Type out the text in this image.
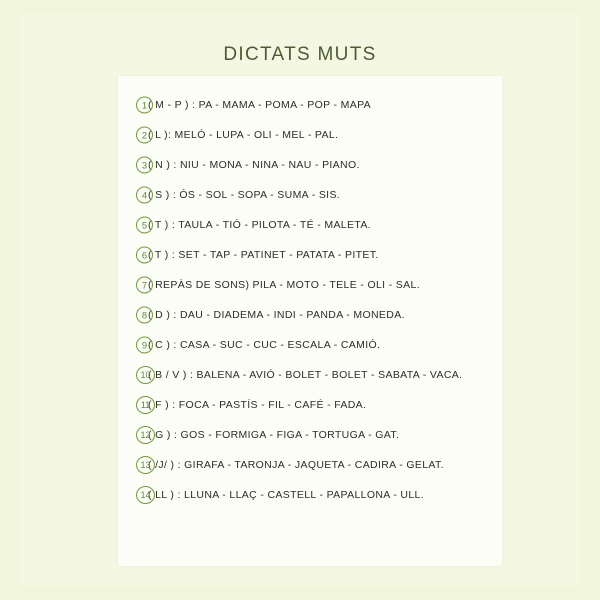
DICTATS MUTS
1 ( M - P ) : PA - MAMA - POMA - POP - MAPA
2 ( L ): MELÓ - LUPA - OLI - MEL - PAL.
3 ( N ) : NIU - MONA - NINA - NAU - PIANO.
4 ( S ) : ÓS - SOL - SOPA - SUMA - SIS.
5 ( T ) : TAULA - TIÓ - PILOTA - TÉ - MALETA.
6 ( T ) : SET - TAP - PATINET - PATATA - PITET.
7 ( REPÀS DE SONS) PILA - MOTO - TELE - OLI - SAL.
8 ( D ) : DAU - DIADEMA - INDI - PANDA - MONEDA.
9 ( C ) : CASA - SUC - CUC - ESCALA - CAMIÓ.
10
( B / V ) : BALENA - AVIÓ - BOLET - BOLET - SABATA - VACA.
11
( F ) : FOCA - PASTÍS - FIL - CAFÉ - FADA.
12
( G ) : GOS - FORMIGA - FIGA - TORTUGA - GAT.
13
( /J/ ) : GIRAFA - TARONJA - JAQUETA - CADIRA - GELAT.
14
( LL ) : LLUNA - LLAÇ - CASTELL - PAPALLONA - ULL.
